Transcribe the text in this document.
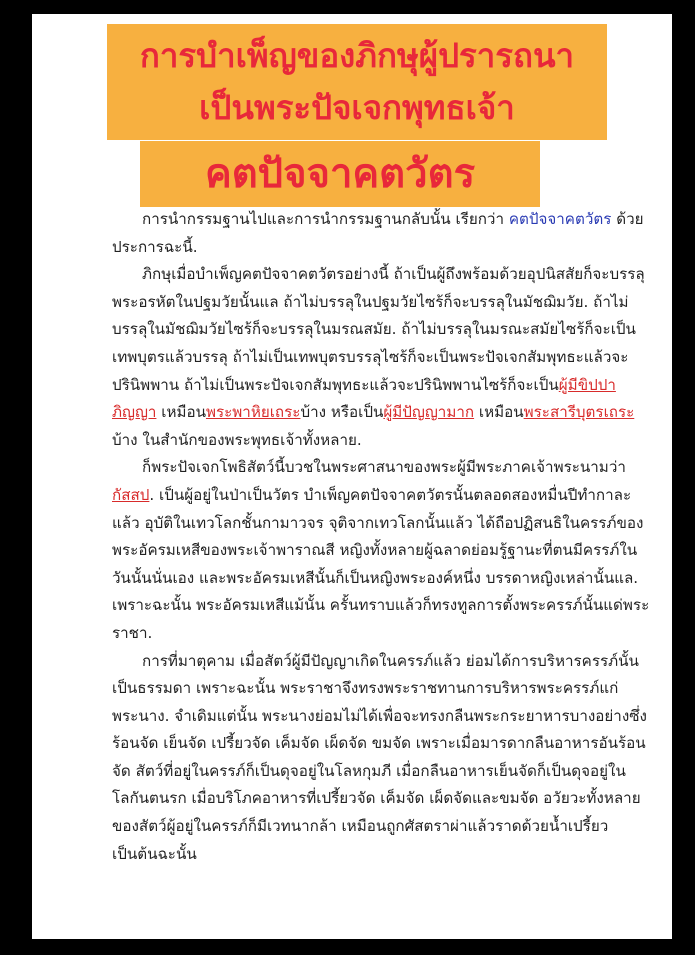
การบำเพ็ญของภิกษุผู้ปรารถนา
เป็นพระปัจเจกพุทธเจ้า
คตปัจจาคตวัตร

การนำกรรมฐานไปและการนำกรรมฐานกลับนั้น เรียกว่า คตปัจจาคตวัตร ด้วยประการฉะนี้.

ภิกษุเมื่อบำเพ็ญคตปัจจาคตวัตรอย่างนี้ ถ้าเป็นผู้ถึงพร้อมด้วยอุปนิสสัยก็จะบรรลุพระอรหัตในปฐมวัยนั้นแล ถ้าไม่บรรลุในปฐมวัยไซร้ก็จะบรรลุในมัชฌิมวัย. ถ้าไม่บรรลุในมัชฌิมวัยไซร้ก็จะบรรลุในมรณสมัย. ถ้าไม่บรรลุในมรณะสมัยไซร้ก็จะเป็นเทพบุตรแล้วบรรลุ ถ้าไม่เป็นเทพบุตรบรรลุไซร้ก็จะเป็นพระปัจเจกสัมพุทธะแล้วจะปรินิพพาน ถ้าไม่เป็นพระปัจเจกสัมพุทธะแล้วจะปรินิพพานไซร้ก็จะเป็นผู้มีขิปปาภิญญา เหมือนพระพาหิยเถระบ้าง หรือเป็นผู้มีปัญญามาก เหมือนพระสารีบุตรเถระบ้าง ในสำนักของพระพุทธเจ้าทั้งหลาย.

ก็พระปัจเจกโพธิสัตว์นี้บวชในพระศาสนาของพระผู้มีพระภาคเจ้าพระนามว่า กัสสป. เป็นผู้อยู่ในป่าเป็นวัตร บำเพ็ญคตปัจจาคตวัตรนั้นตลอดสองหมื่นปีทำกาละแล้ว อุบัติในเทวโลกชั้นกามาวจร จุติจากเทวโลกนั้นแล้ว ได้ถือปฏิสนธิในครรภ์ของพระอัครมเหสีของพระเจ้าพาราณสี หญิงทั้งหลายผู้ฉลาดย่อมรู้ฐานะที่ตนมีครรภ์ในวันนั้นนั่นเอง และพระอัครมเหสีนั้นก็เป็นหญิงพระองค์หนึ่ง บรรดาหญิงเหล่านั้นแล. เพราะฉะนั้น พระอัครมเหสีแม้นั้น ครั้นทราบแล้วก็ทรงทูลการตั้งพระครรภ์นั้นแด่พระราชา.

การที่มาตุคาม เมื่อสัตว์ผู้มีปัญญาเกิดในครรภ์แล้ว ย่อมได้การบริหารครรภ์นั้นเป็นธรรมดา เพราะฉะนั้น พระราชาจึงทรงพระราชทานการบริหารพระครรภ์แก่พระนาง. จำเดิมแต่นั้น พระนางย่อมไม่ได้เพื่อจะทรงกลืนพระกระยาหารบางอย่างซึ่งร้อนจัด เย็นจัด เปรี้ยวจัด เค็มจัด เผ็ดจัด ขมจัด เพราะเมื่อมารดากลืนอาหารอันร้อนจัด สัตว์ที่อยู่ในครรภ์ก็เป็นดุจอยู่ในโลหกุมภี เมื่อกลืนอาหารเย็นจัดก็เป็นดุจอยู่ในโลกันตนรก เมื่อบริโภคอาหารที่เปรี้ยวจัด เค็มจัด เผ็ดจัดและขมจัด อวัยวะทั้งหลายของสัตว์ผู้อยู่ในครรภ์ก็มีเวทนากล้า เหมือนถูกศัสตราผ่าแล้วราดด้วยน้ำเปรี้ยวเป็นต้นฉะนั้น
